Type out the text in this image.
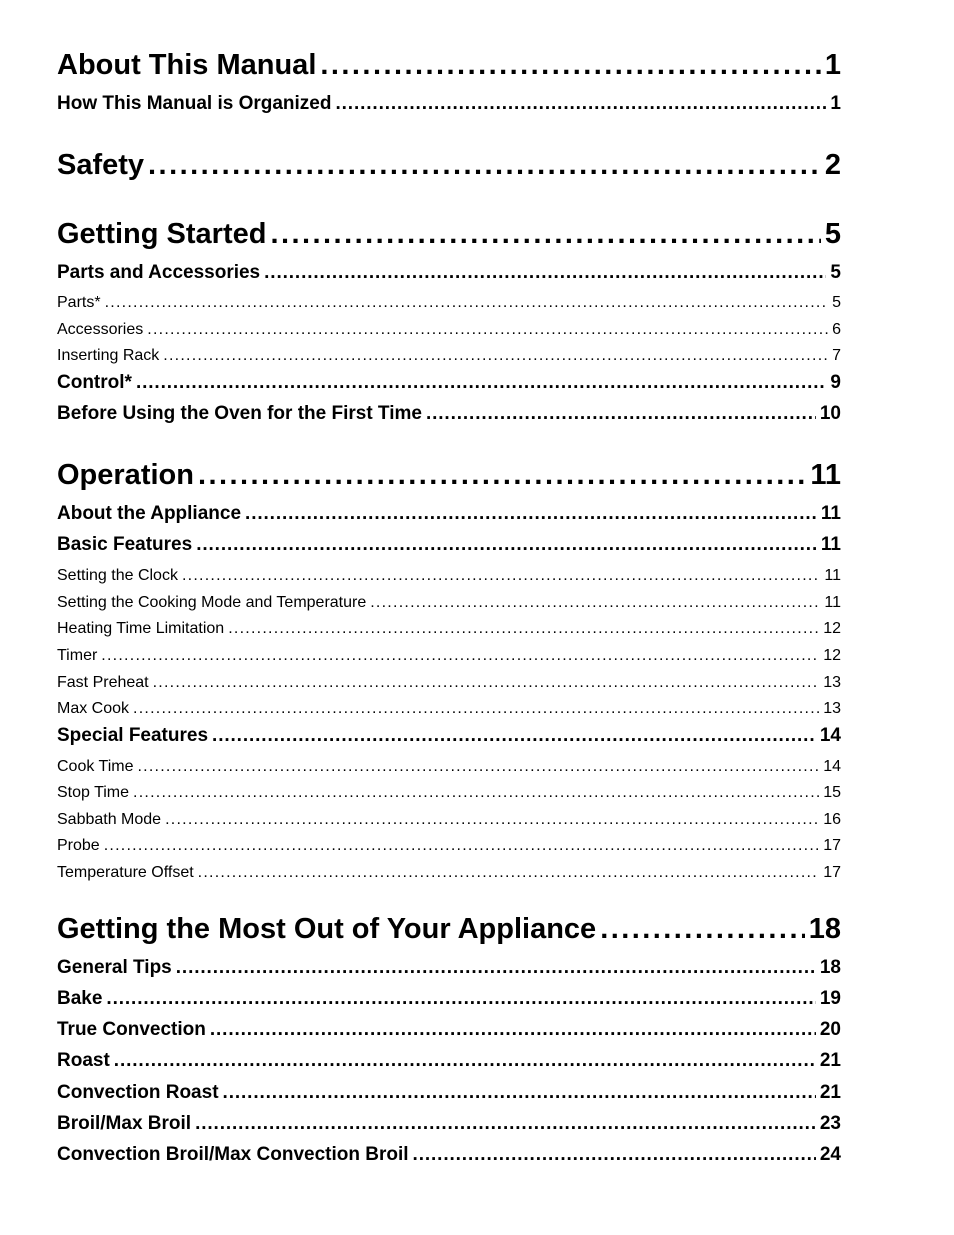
About This Manual . . .	1
How This Manual is Organized . . .	1
Safety . . .	2
Getting Started . . .	5
Parts and Accessories . . .	5
Parts* . . .	5
Accessories . . .	6
Inserting Rack . . .	7
Control* . . .	9
Before Using the Oven for the First Time . . .	10
Operation . . .	11
About the Appliance . . .	11
Basic Features . . .	11
Setting the Clock . . .	11
Setting the Cooking Mode and Temperature . . .	11
Heating Time Limitation . . .	12
Timer . . .	12
Fast Preheat . . .	13
Max Cook . . .	13
Special Features . . .	14
Cook Time . . .	14
Stop Time . . .	15
Sabbath Mode . . .	16
Probe . . .	17
Temperature Offset . . .	17
Getting the Most Out of Your Appliance . . .	18
General Tips . . .	18
Bake . . .	19
True Convection . . .	20
Roast . . .	21
Convection Roast . . .	21
Broil/Max Broil . . .	23
Convection Broil/Max Convection Broil . . .	24
